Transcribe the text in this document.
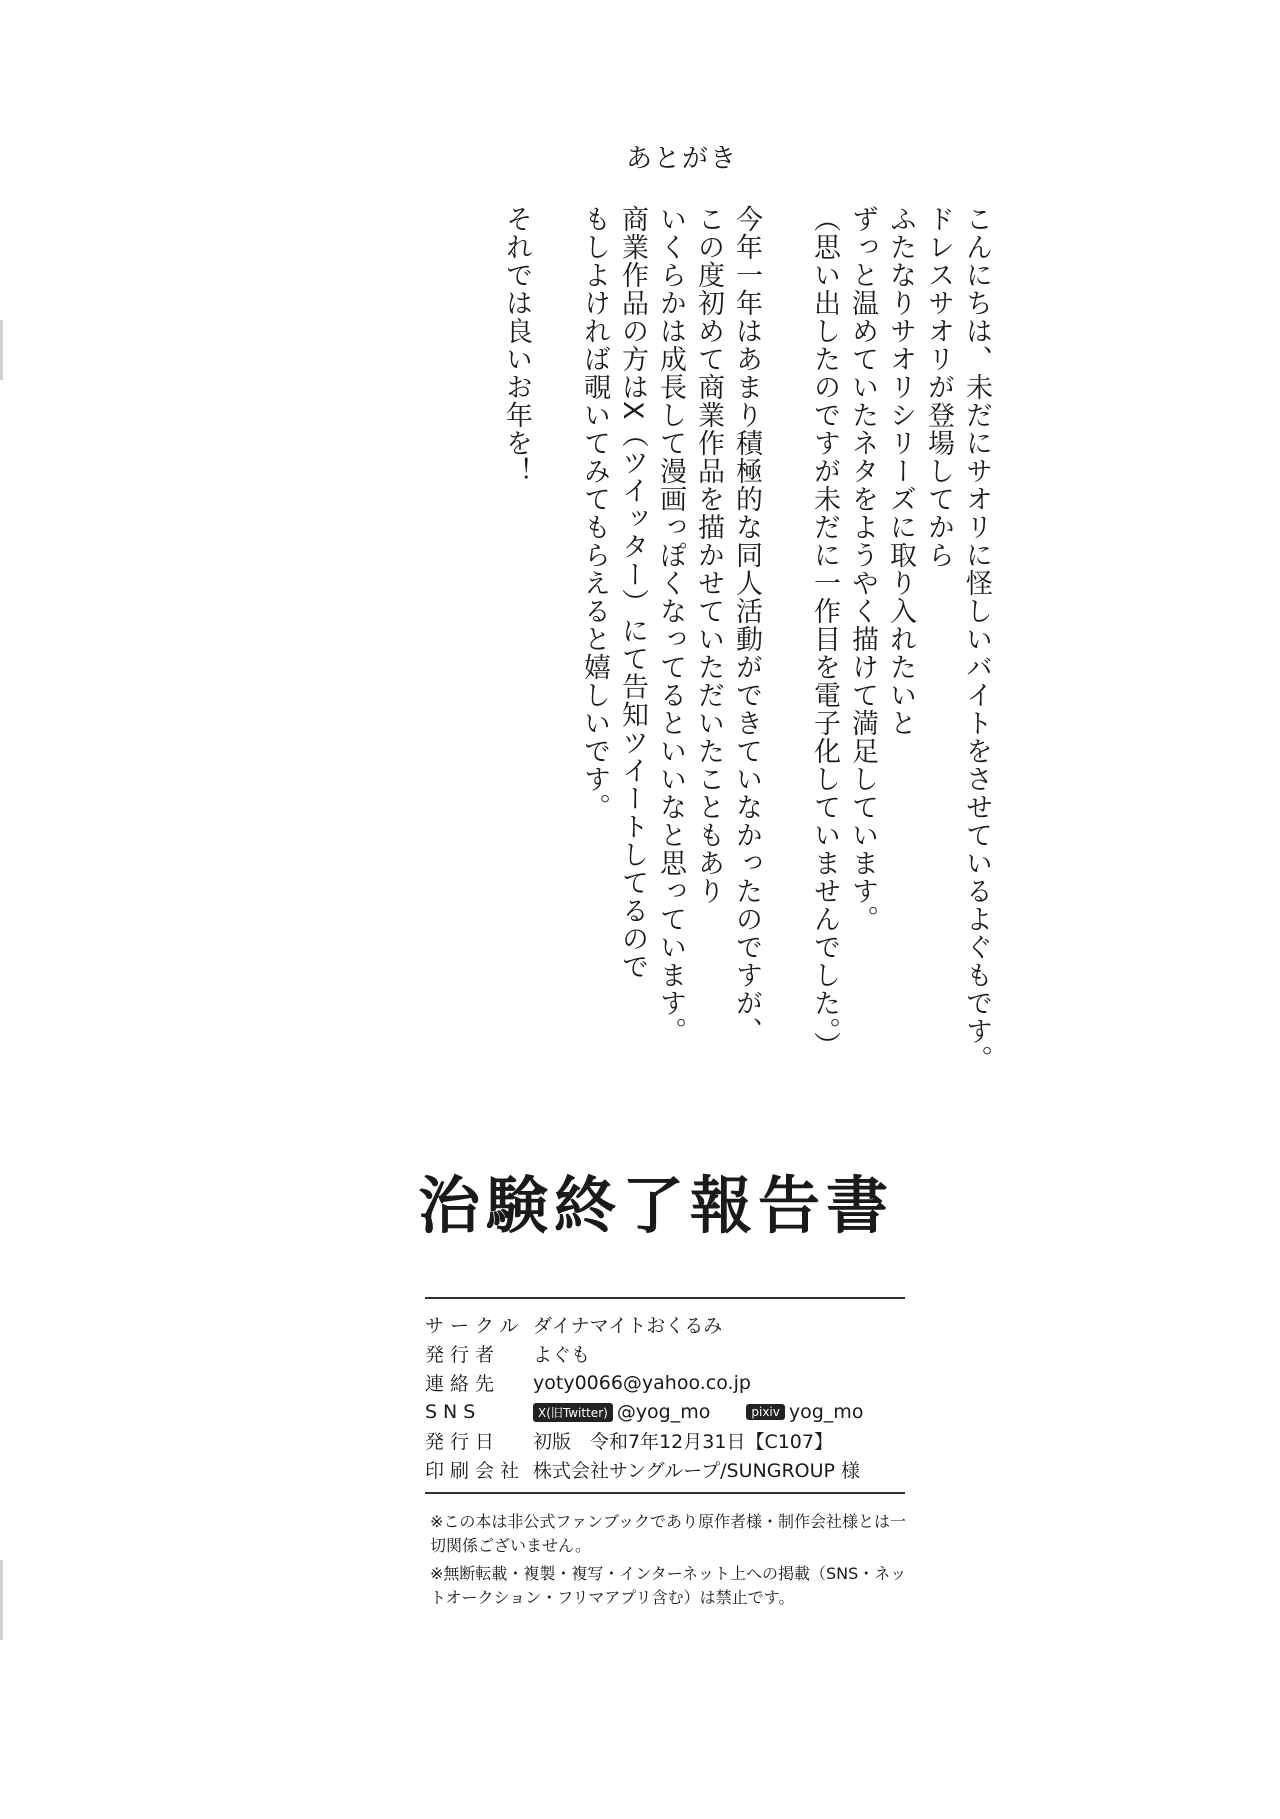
あとがき
こんにちは、未だにサオリに怪しいバイトをさせているよぐもです。
ドレスサオリが登場してから
ふたなりサオリシリーズに取り入れたいと
ずっと温めていたネタをようやく描けて満足しています。
（思い出したのですが未だに一作目を電子化していませんでした。）
今年一年はあまり積極的な同人活動ができていなかったのですが、
この度初めて商業作品を描かせていただいたこともあり
いくらかは成長して漫画っぽくなってるといいなと思っています。
商業作品の方はX（ツイッター）にて告知ツイートしてるので
もしよければ覗いてみてもらえると嬉しいです。
それでは良いお年を！
治験終了報告書
サークル ダイナマイトおくるみ
発行者	よぐも
連絡先	yoty0066@yahoo.co.jp
SNS	X(旧Twitter) @yog_mo	pixiv yog_mo
発行日	初版　令和7年12月31日【C107】
印刷会社 株式会社サングループ/SUNGROUP 様
※この本は非公式ファンブックであり原作者様・制作会社様とは一切関係ございません。
※無断転載・複製・複写・インターネット上への掲載（SNS・ネットオークション・フリマアプリ含む）は禁止です。
